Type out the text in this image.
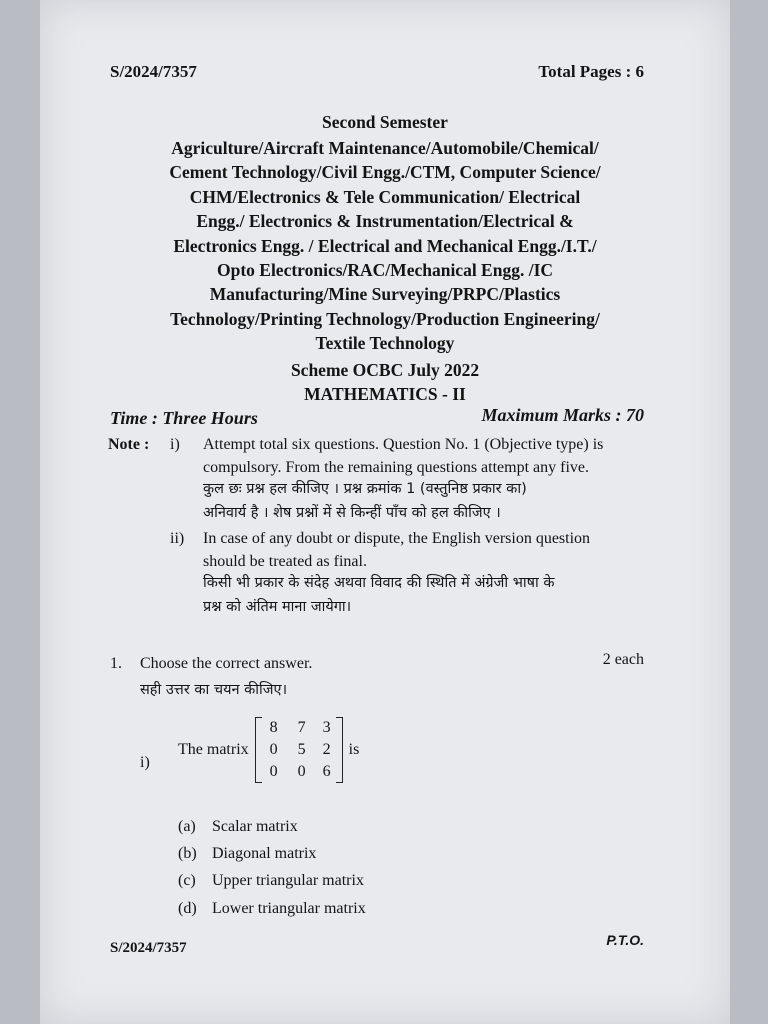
S/2024/7357	Total Pages : 6
Second Semester
Agriculture/Aircraft Maintenance/Automobile/Chemical/
Cement Technology/Civil Engg./CTM, Computer Science/
CHM/Electronics & Tele Communication/ Electrical
Engg./ Electronics & Instrumentation/Electrical &
Electronics Engg. / Electrical and Mechanical Engg./I.T./
Opto Electronics/RAC/Mechanical Engg. /IC
Manufacturing/Mine Surveying/PRPC/Plastics
Technology/Printing Technology/Production Engineering/
Textile Technology
Scheme OCBC July 2022
MATHEMATICS - II
Time : Three Hours	Maximum Marks : 70
Note : i) Attempt total six questions. Question No. 1 (Objective type) is
compulsory. From the remaining questions attempt any five.
कुल छः प्रश्न हल कीजिए । प्रश्न क्रमांक 1 (वस्तुनिष्ठ प्रकार का)
अनिवार्य है । शेष प्रश्नों में से किन्हीं पाँच को हल कीजिए ।
ii) In case of any doubt or dispute, the English version question
should be treated as final.
किसी भी प्रकार के संदेह अथवा विवाद की स्थिति में अंग्रेजी भाषा के
प्रश्न को अंतिम माना जायेगा।
1. Choose the correct answer.	2 each
सही उत्तर का चयन कीजिए।
i)
The matrix
8	7	3
0	5	2
0	0	6
is
(a) Scalar matrix
(b) Diagonal matrix
(c) Upper triangular matrix
(d) Lower triangular matrix
S/2024/7357	P.T.O.
